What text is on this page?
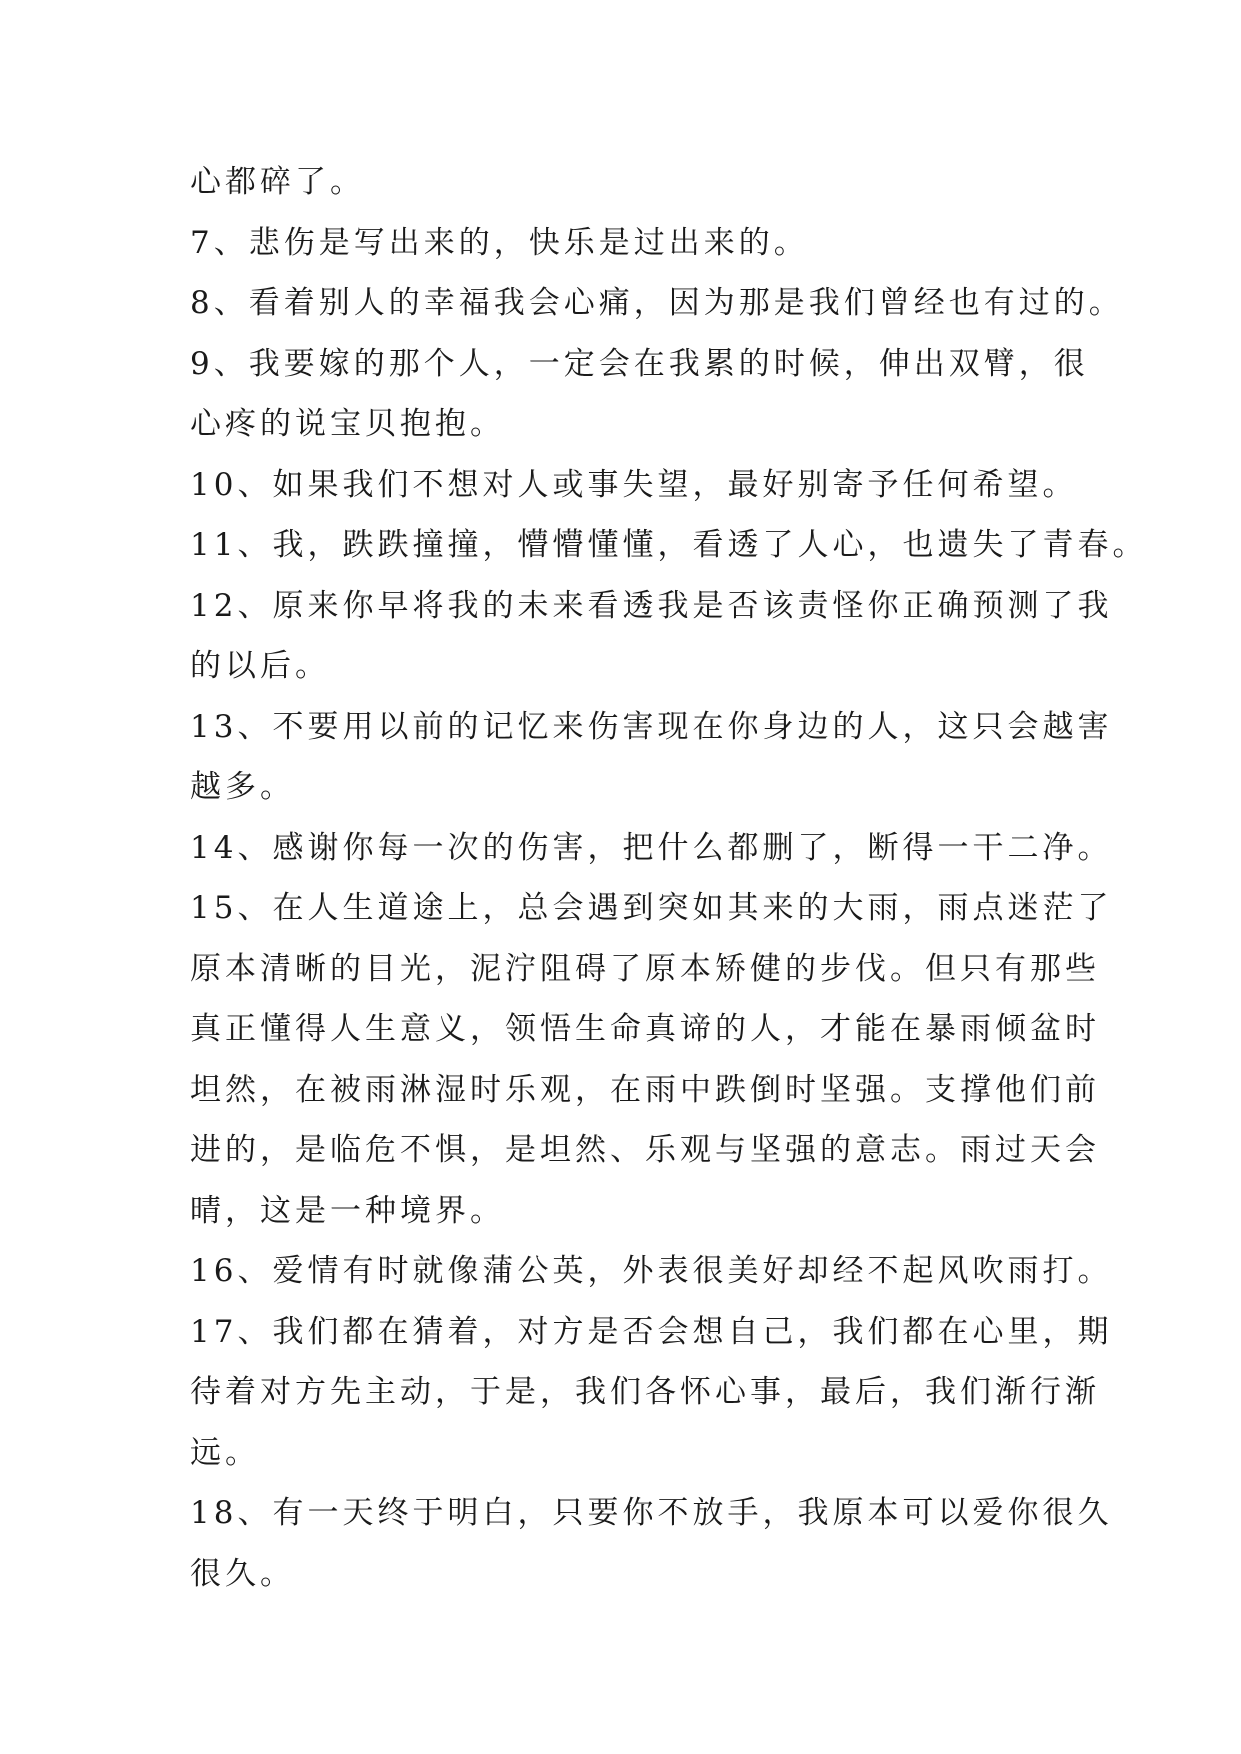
心都碎了。
7、悲伤是写出来的，快乐是过出来的。
8、看着别人的幸福我会心痛，因为那是我们曾经也有过的。
9、我要嫁的那个人，一定会在我累的时候，伸出双臂，很
心疼的说宝贝抱抱。
10、如果我们不想对人或事失望，最好别寄予任何希望。
11、我，跌跌撞撞，懵懵懂懂，看透了人心，也遗失了青春。
12、原来你早将我的未来看透我是否该责怪你正确预测了我
的以后。
13、不要用以前的记忆来伤害现在你身边的人，这只会越害
越多。
14、感谢你每一次的伤害，把什么都删了，断得一干二净。
15、在人生道途上，总会遇到突如其来的大雨，雨点迷茫了
原本清晰的目光，泥泞阻碍了原本矫健的步伐。但只有那些
真正懂得人生意义，领悟生命真谛的人，才能在暴雨倾盆时
坦然，在被雨淋湿时乐观，在雨中跌倒时坚强。支撑他们前
进的，是临危不惧，是坦然、乐观与坚强的意志。雨过天会
晴，这是一种境界。
16、爱情有时就像蒲公英，外表很美好却经不起风吹雨打。
17、我们都在猜着，对方是否会想自己，我们都在心里，期
待着对方先主动，于是，我们各怀心事，最后，我们渐行渐
远。
18、有一天终于明白，只要你不放手，我原本可以爱你很久
很久。
